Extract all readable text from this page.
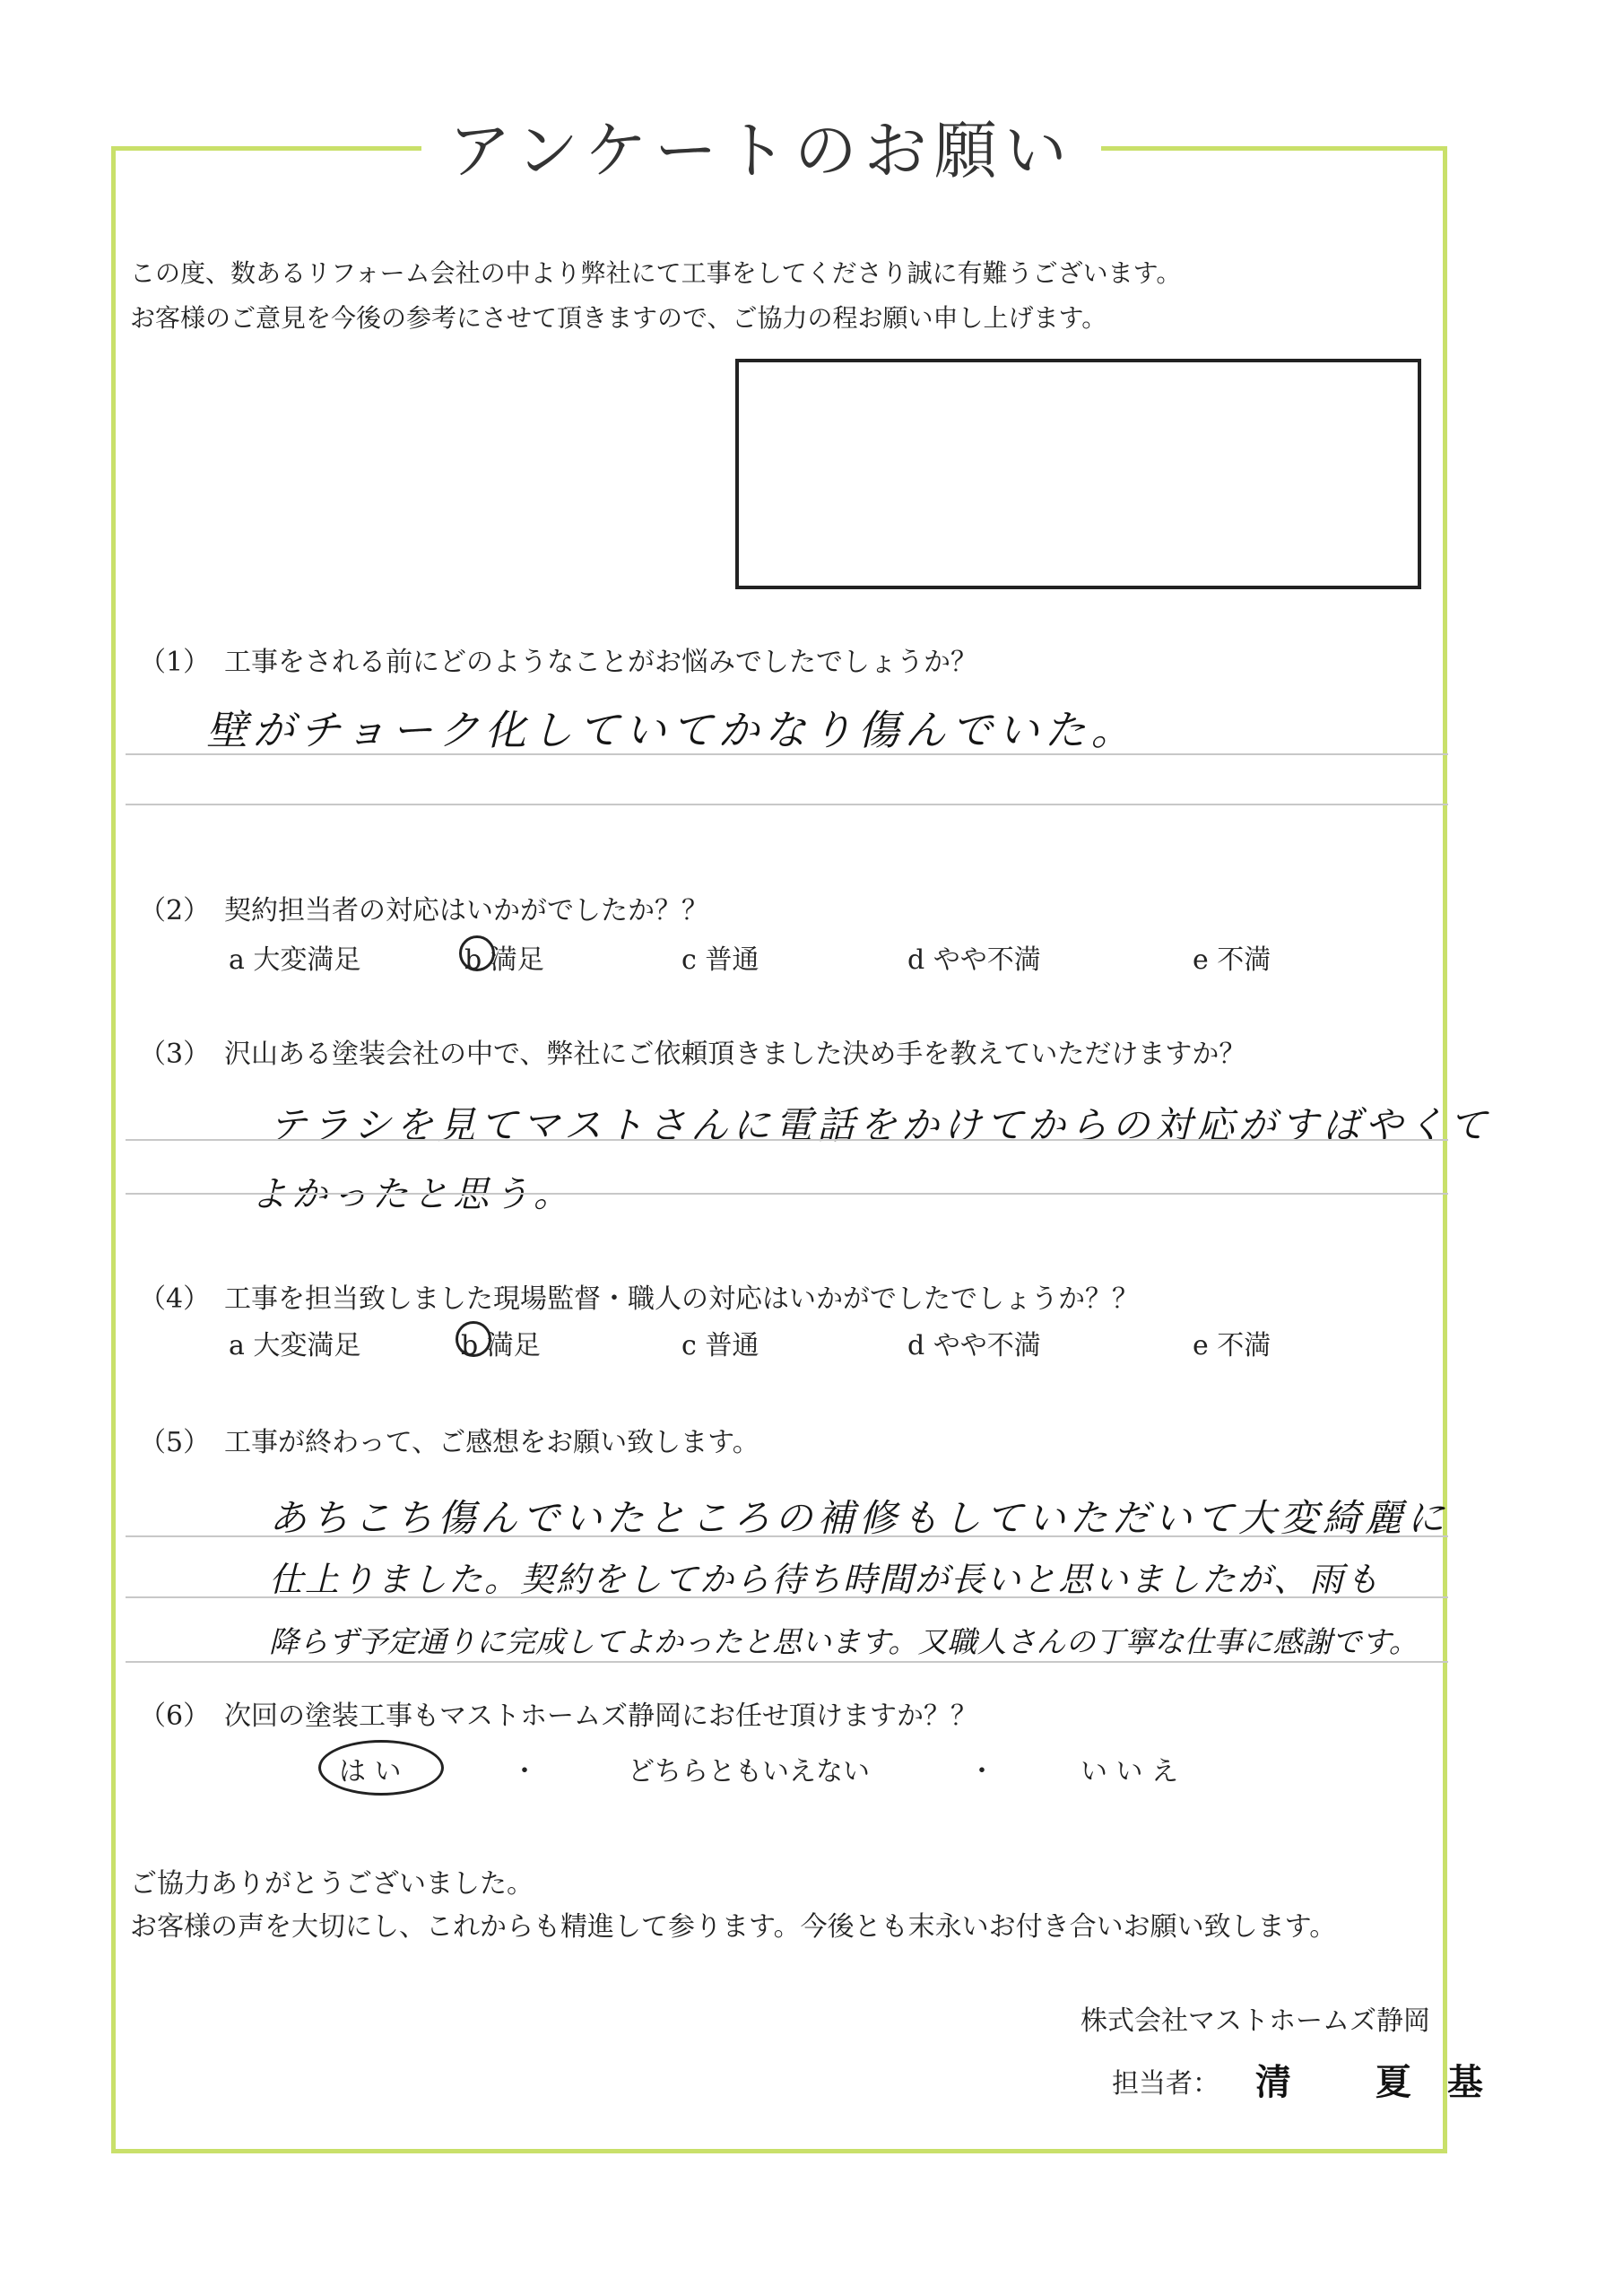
アンケートのお願い
この度、数あるリフォーム会社の中より弊社にて工事をしてくださり誠に有難うございます。
お客様のご意見を今後の参考にさせて頂きますので、ご協力の程お願い申し上げます。
（1） 工事をされる前にどのようなことがお悩みでしたでしょうか？
壁がチョーク化していてかなり傷んでいた。
（2） 契約担当者の対応はいかがでしたか？？
a 大変満足	b 満足	c 普通	d やや不満	e 不満
（3） 沢山ある塗装会社の中で、弊社にご依頼頂きました決め手を教えていただけますか？
テラシを見てマストさんに電話をかけてからの対応がすばやくて
よかったと思う。
（4） 工事を担当致しました現場監督・職人の対応はいかがでしたでしょうか？？
a 大変満足	b 満足	c 普通	d やや不満	e 不満
（5） 工事が終わって、ご感想をお願い致します。
あちこち傷んでいたところの補修もしていただいて大変綺麗に
仕上りました。契約をしてから待ち時間が長いと思いましたが、雨も
降らず予定通りに完成してよかったと思います。又職人さんの丁寧な仕事に感謝です。
（6） 次回の塗装工事もマストホームズ静岡にお任せ頂けますか？？
は い	・	どちらともいえない	・	い い え
ご協力ありがとうございました。
お客様の声を大切にし、これからも精進して参ります。今後とも末永いお付き合いお願い致します。
株式会社マストホームズ静岡
担当者： 清 夏基
